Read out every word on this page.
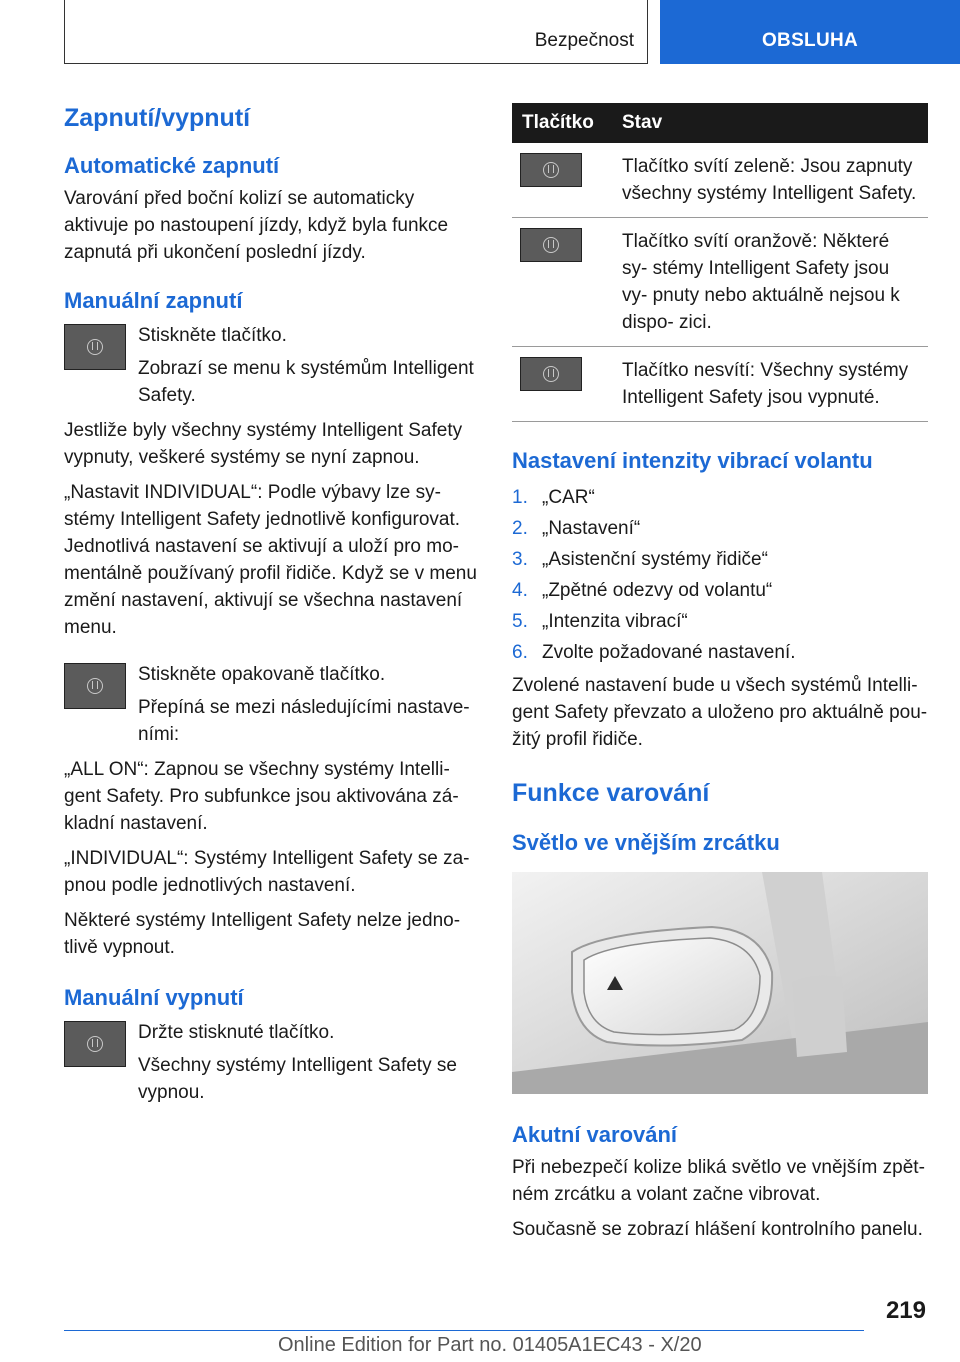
Bezpečnost	OBSLUHA
Zapnutí/vypnutí
Automatické zapnutí

Varování před boční kolizí se automaticky aktivuje po nastoupení jízdy, když byla funkce zapnutá při ukončení poslední jízdy.

Manuální zapnutí

Stiskněte tlačítko.

Zobrazí se menu k systémům Intelligent Safety.

Jestliže byly všechny systémy Intelligent Safety vypnuty, veškeré systémy se nyní zapnou.

„Nastavit INDIVIDUAL“: Podle výbavy lze sy‐ stémy Intelligent Safety jednotlivě konfigurovat. Jednotlivá nastavení se aktivují a uloží pro mo‐ mentálně používaný profil řidiče. Když se v menu změní nastavení, aktivují se všechna nastavení menu.

Stiskněte opakovaně tlačítko.

Přepíná se mezi následujícími nastave‐ ními:

„ALL ON“: Zapnou se všechny systémy Intelli‐ gent Safety. Pro subfunkce jsou aktivována zá‐ kladní nastavení.

„INDIVIDUAL“: Systémy Intelligent Safety se za‐ pnou podle jednotlivých nastavení.

Některé systémy Intelligent Safety nelze jedno‐ tlivě vypnout.

Manuální vypnutí

Držte stisknuté tlačítko.

Všechny systémy Intelligent Safety se vypnou.

Tlačítko	Stav

	Tlačítko svítí zeleně: Jsou zapnuty všechny systémy Intelligent Safety.

	Tlačítko svítí oranžově: Některé sy‐ stémy Intelligent Safety jsou vy‐ pnuty nebo aktuálně nejsou k dispo‐ zici.

	Tlačítko nesvítí: Všechny systémy Intelligent Safety jsou vypnuté.
Nastavení intenzity vibrací volantu
1. „CAR“
2. „Nastavení“
3. „Asistenční systémy řidiče“
4. „Zpětné odezvy od volantu“
5. „Intenzita vibrací“
6. Zvolte požadované nastavení.

Zvolené nastavení bude u všech systémů Intelli‐ gent Safety převzato a uloženo pro aktuálně pou‐ žitý profil řidiče.

Funkce varování
Světlo ve vnějším zrcátku
Akutní varování

Při nebezpečí kolize bliká světlo ve vnějším zpět‐ ném zrcátku a volant začne vibrovat.

Současně se zobrazí hlášení kontrolního panelu.

219
Online Edition for Part no. 01405A1EC43 - X/20
